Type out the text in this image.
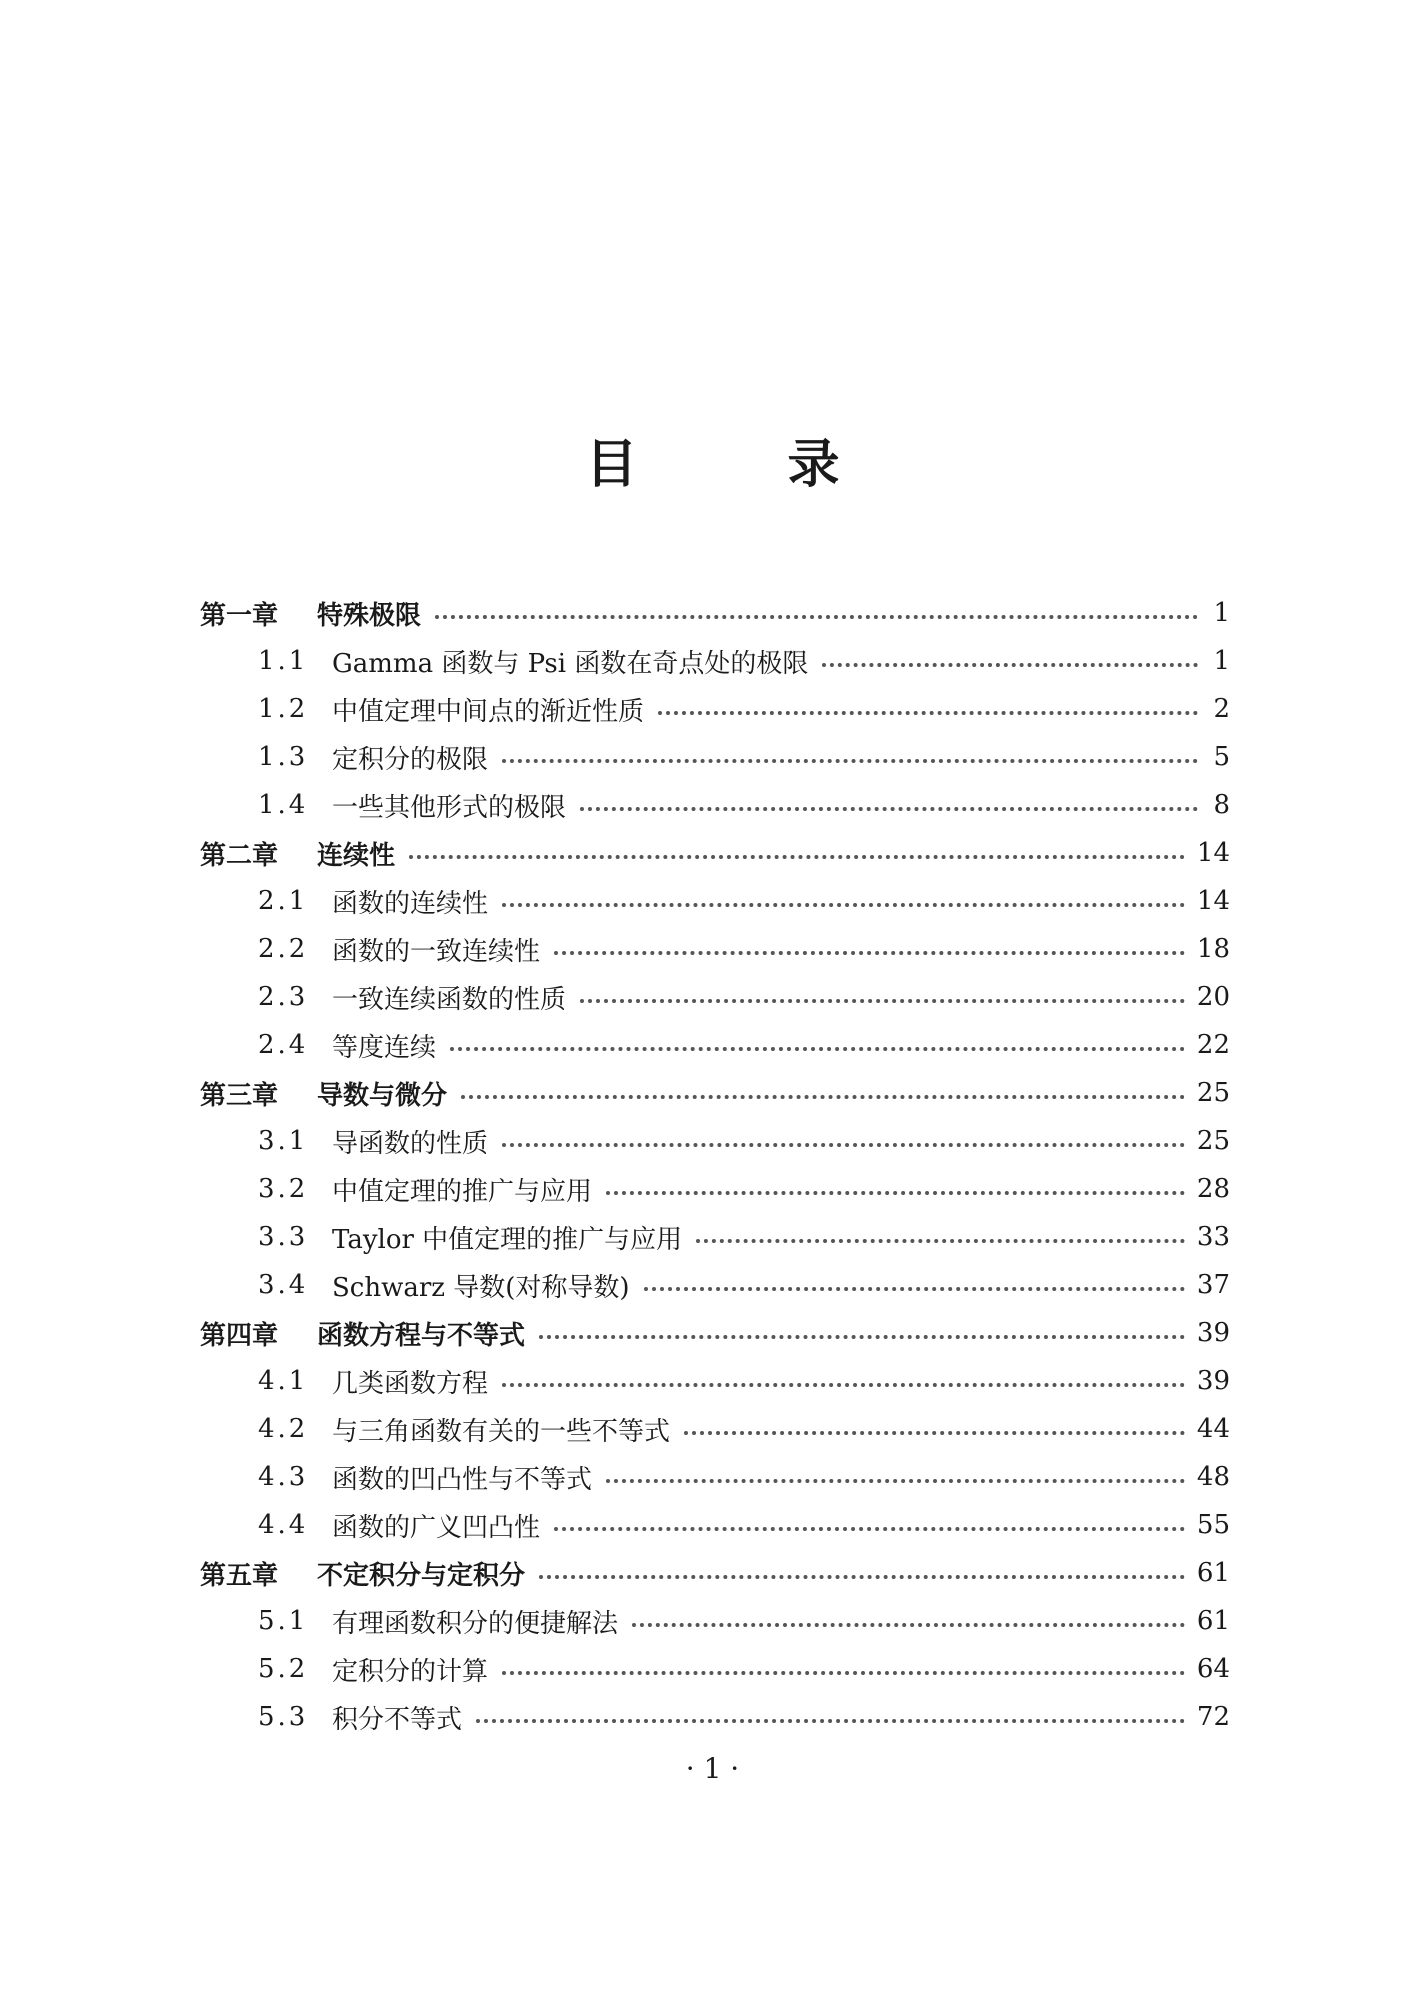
目	录
第一章	特殊极限	1
1.1 Gamma 函数与 Psi 函数在奇点处的极限	1
1.2 中值定理中间点的渐近性质	2
1.3 定积分的极限	5
1.4 一些其他形式的极限	8
第二章	连续性	14
2.1 函数的连续性	14
2.2 函数的一致连续性	18
2.3 一致连续函数的性质	20
2.4 等度连续	22
第三章	导数与微分	25
3.1 导函数的性质	25
3.2 中值定理的推广与应用	28
3.3 Taylor 中值定理的推广与应用	33
3.4 Schwarz 导数(对称导数)	37
第四章	函数方程与不等式	39
4.1 几类函数方程	39
4.2 与三角函数有关的一些不等式	44
4.3 函数的凹凸性与不等式	48
4.4 函数的广义凹凸性	55
第五章	不定积分与定积分	61
5.1 有理函数积分的便捷解法	61
5.2 定积分的计算	64
5.3 积分不等式	72
· 1 ·
